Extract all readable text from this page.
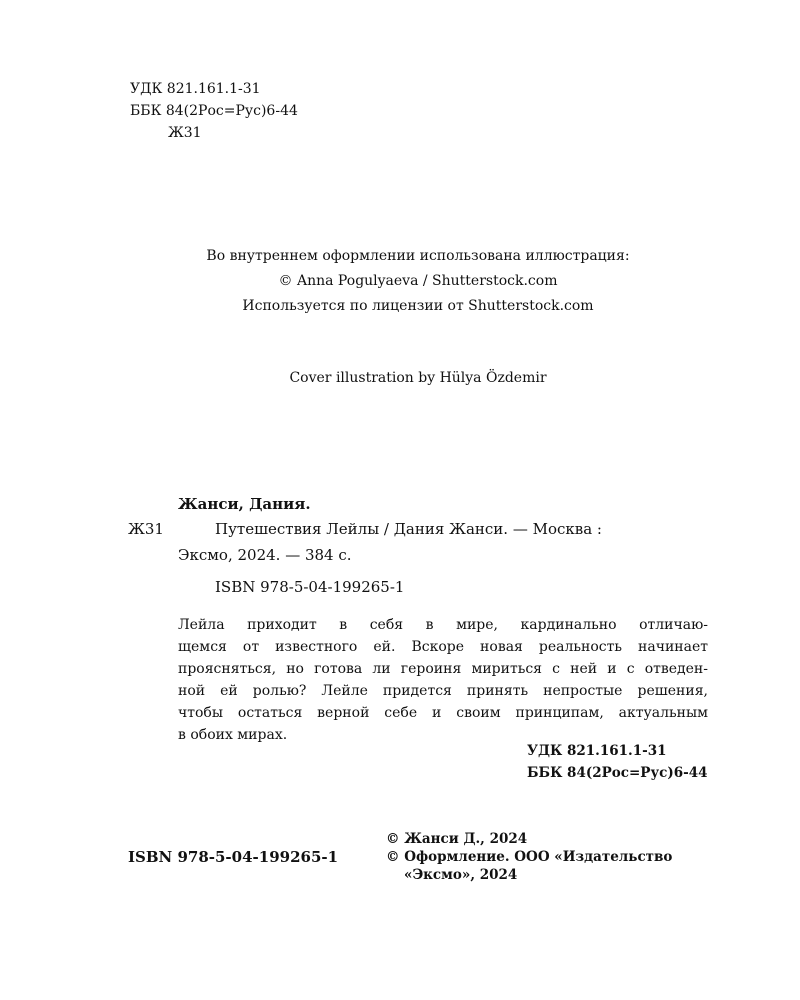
УДК 821.161.1-31
ББК 84(2Рос=Рус)6-44
Ж31
Во внутреннем оформлении использована иллюстрация:
© Anna Pogulyaeva / Shutterstock.com
Используется по лицензии от Shutterstock.com
Cover illustration by Hülya Özdemir
Жанси, Дания.
Ж31	Путешествия Лейлы / Дания Жанси. — Москва :
Эксмо, 2024. — 384 с.
ISBN 978-5-04-199265-1
Лейла приходит в себя в мире, кардинально отличаю-
щемся от известного ей. Вскоре новая реальность начинает
проясняться, но готова ли героиня мириться с ней и с отведен-
ной ей ролью? Лейле придется принять непростые решения,
чтобы остаться верной себе и своим принципам, актуальным
в обоих мирах.
УДК 821.161.1-31
ББК 84(2Рос=Рус)6-44
© Жанси Д., 2024
© Оформление. ООО «Издательство
«Эксмо», 2024
ISBN 978-5-04-199265-1
